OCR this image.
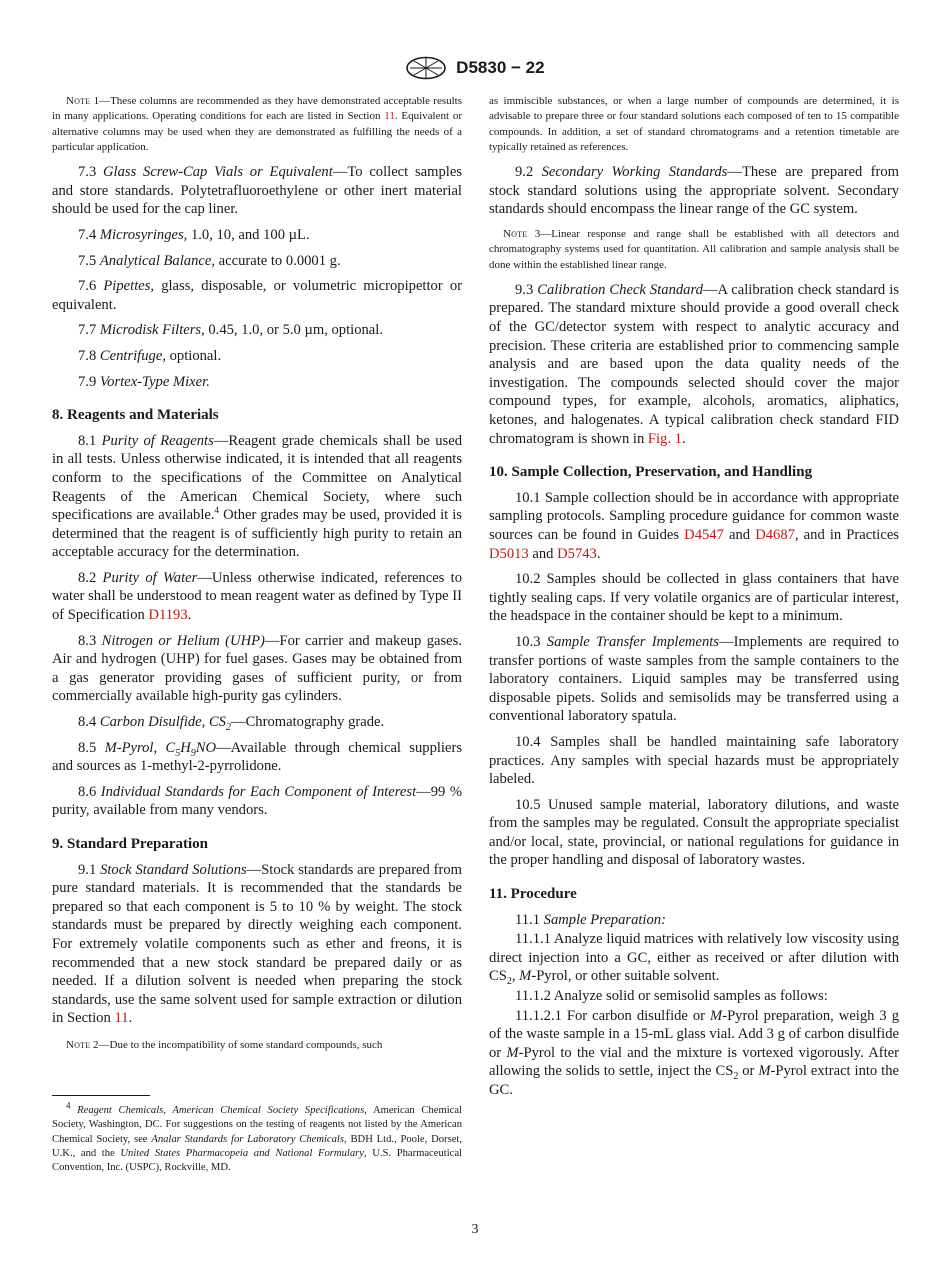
D5830 − 22

Note 1—These columns are recommended as they have demonstrated acceptable results in many applications. Operating conditions for each are listed in Section 11. Equivalent or alternative columns may be used when they are demonstrated as fulfilling the needs of a particular application.

7.3 Glass Screw-Cap Vials or Equivalent—To collect samples and store standards. Polytetrafluoroethylene or other inert material should be used for the cap liner.

7.4 Microsyringes, 1.0, 10, and 100 µL.

7.5 Analytical Balance, accurate to 0.0001 g.

7.6 Pipettes, glass, disposable, or volumetric micropipettor or equivalent.

7.7 Microdisk Filters, 0.45, 1.0, or 5.0 µm, optional.

7.8 Centrifuge, optional.

7.9 Vortex-Type Mixer.

8. Reagents and Materials

8.1 Purity of Reagents—Reagent grade chemicals shall be used in all tests. Unless otherwise indicated, it is intended that all reagents conform to the specifications of the Committee on Analytical Reagents of the American Chemical Society, where such specifications are available.$^4$ Other grades may be used, provided it is determined that the reagent is of sufficiently high purity to retain an acceptable accuracy for the determination.

8.2 Purity of Water—Unless otherwise indicated, references to water shall be understood to mean reagent water as defined by Type II of Specification D1193.

8.3 Nitrogen or Helium (UHP)—For carrier and makeup gases. Air and hydrogen (UHP) for fuel gases. Gases may be obtained from a gas generator providing gases of sufficient purity, or from commercially available high-purity gas cylinders.

8.4 Carbon Disulfide, $CS_2—Chromatography$ grade.

8.5 M-Pyrol, $C_5H_9NO—Available$ through chemical suppliers and sources as 1-methyl-2-pyrrolidone.

8.6 Individual Standards for Each Component of Interest—99 % purity, available from many vendors.

9. Standard Preparation

9.1 Stock Standard Solutions—Stock standards are prepared from pure standard materials. It is recommended that the standards be prepared so that each component is 5 to 10 % by weight. The stock standards must be prepared by directly weighing each component. For extremely volatile components such as ether and freons, it is recommended that a new stock standard be prepared daily or as needed. If a dilution solvent is needed when preparing the stock standards, use the same solvent used for sample extraction or dilution in Section 11.

Note 2—Due to the incompatibility of some standard compounds, such

$^4$ Reagent Chemicals, American Chemical Society Specifications, American Chemical Society, Washington, DC. For suggestions on the testing of reagents not listed by the American Chemical Society, see Analar Standards for Laboratory Chemicals, BDH Ltd., Poole, Dorset, U.K., and the United States Pharmacopeia and National Formulary, U.S. Pharmaceutical Convention, Inc. (USPC), Rockville, MD.

as immiscible substances, or when a large number of compounds are determined, it is advisable to prepare three or four standard solutions each composed of ten to 15 compatible compounds. In addition, a set of standard chromatograms and a retention timetable are typically retained as references.

9.2 Secondary Working Standards—These are prepared from stock standard solutions using the appropriate solvent. Secondary standards should encompass the linear range of the GC system.

Note 3—Linear response and range shall be established with all detectors and chromatography systems used for quantitation. All calibration and sample analysis shall be done within the established linear range.

9.3 Calibration Check Standard—A calibration check standard is prepared. The standard mixture should provide a good overall check of the GC/detector system with respect to analytic accuracy and precision. These criteria are established prior to commencing sample analysis and are based upon the data quality needs of the investigation. The compounds selected should cover the major compound types, for example, alcohols, aromatics, aliphatics, ketones, and halogenates. A typical calibration check standard FID chromatogram is shown in Fig. 1.

10. Sample Collection, Preservation, and Handling

10.1 Sample collection should be in accordance with appropriate sampling protocols. Sampling procedure guidance for common waste sources can be found in Guides D4547 and D4687, and in Practices D5013 and D5743.

10.2 Samples should be collected in glass containers that have tightly sealing caps. If very volatile organics are of particular interest, the headspace in the container should be kept to a minimum.

10.3 Sample Transfer Implements—Implements are required to transfer portions of waste samples from the sample containers to the laboratory containers. Liquid samples may be transferred using disposable pipets. Solids and semisolids may be transferred using a conventional laboratory spatula.

10.4 Samples shall be handled maintaining safe laboratory practices. Any samples with special hazards must be appropriately labeled.

10.5 Unused sample material, laboratory dilutions, and waste from the samples may be regulated. Consult the appropriate specialist and/or local, state, provincial, or national regulations for guidance in the proper handling and disposal of laboratory wastes.

11. Procedure

11.1 Sample Preparation:

11.1.1 Analyze liquid matrices with relatively low viscosity using direct injection into a GC, either as received or after dilution with $CS_2$, M-Pyrol, or other suitable solvent.

11.1.2 Analyze solid or semisolid samples as follows:

11.1.2.1 For carbon disulfide or M-Pyrol preparation, weigh 3 g of the waste sample in a 15-mL glass vial. Add 3 g of carbon disulfide or M-Pyrol to the vial and the mixture is vortexed vigorously. After allowing the solids to settle, inject the $CS_2$ or M-Pyrol extract into the GC.

3
